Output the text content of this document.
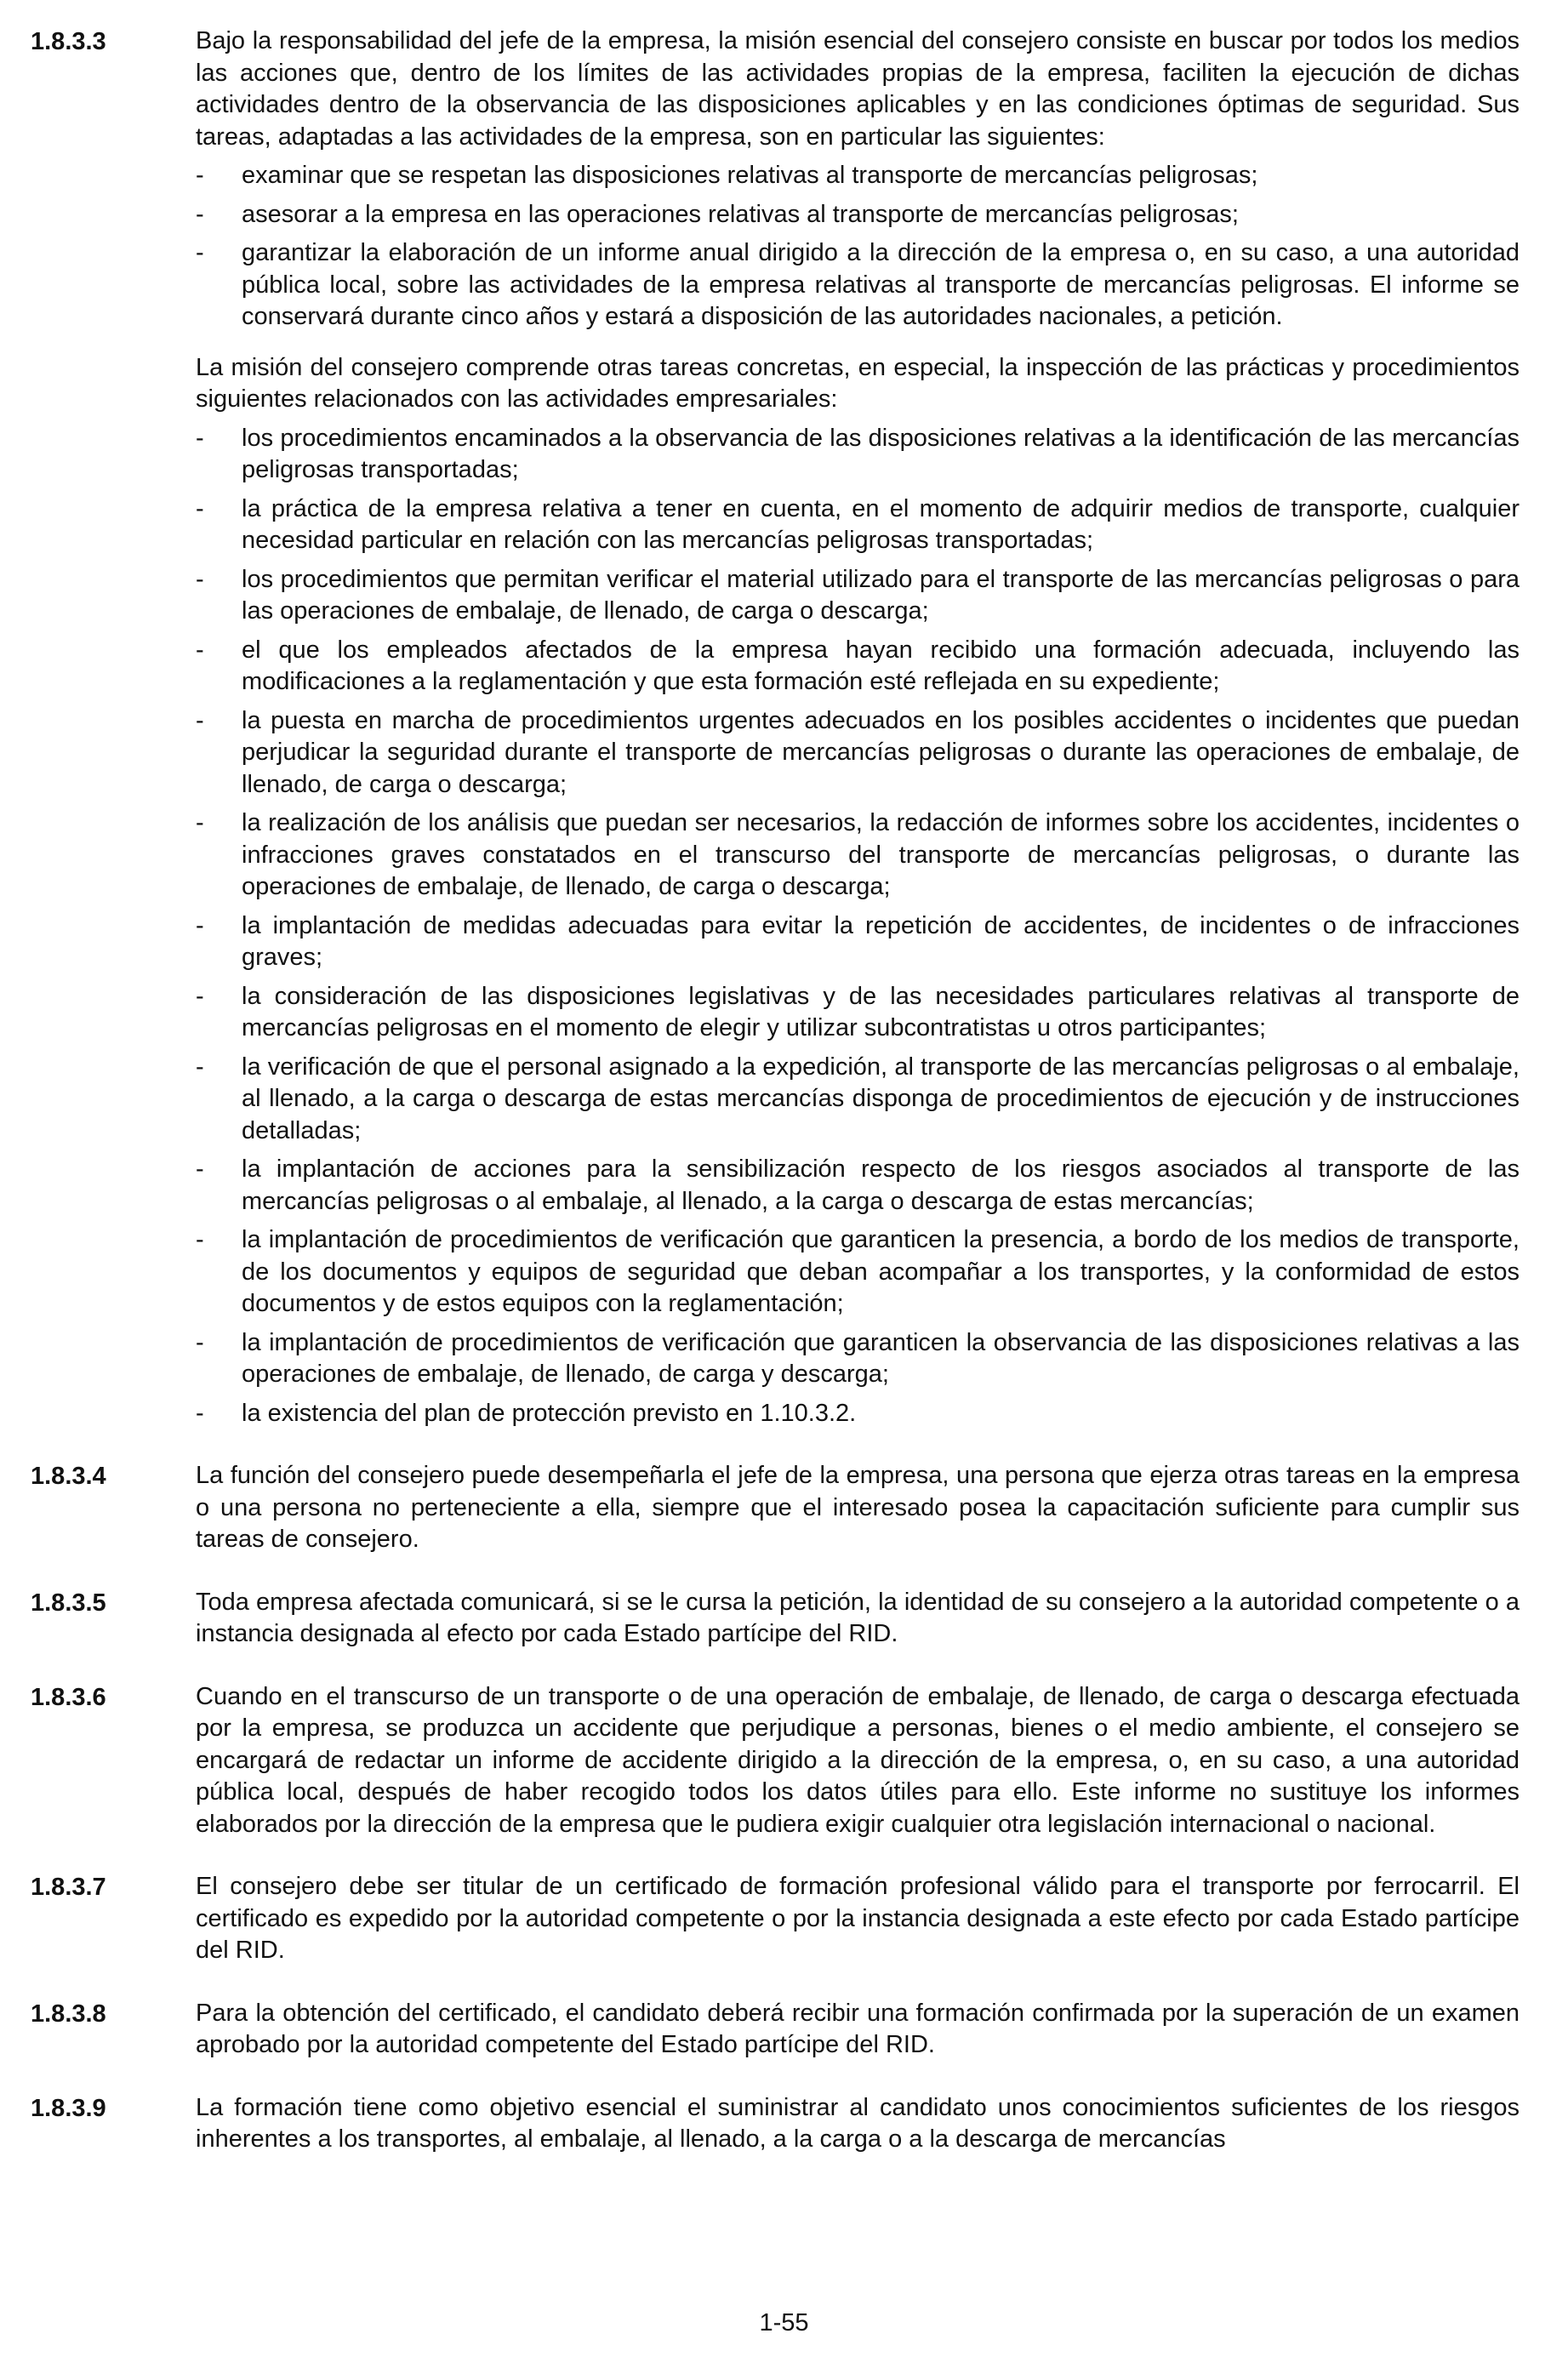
1.8.3.3	Bajo la responsabilidad del jefe de la empresa, la misión esencial del consejero consiste en buscar por todos los medios las acciones que, dentro de los límites de las actividades propias de la empresa, faciliten la ejecución de dichas actividades dentro de la observancia de las disposiciones aplicables y en las condiciones óptimas de seguridad. Sus tareas, adaptadas a las actividades de la empresa, son en particular las siguientes:

-	examinar que se respetan las disposiciones relativas al transporte de mercancías peligrosas;
-	asesorar a la empresa en las operaciones relativas al transporte de mercancías peligrosas;
-	garantizar la elaboración de un informe anual dirigido a la dirección de la empresa o, en su caso, a una autoridad pública local, sobre las actividades de la empresa relativas al transporte de mercancías peligrosas. El informe se conservará durante cinco años y estará a disposición de las autoridades nacionales, a petición.

La misión del consejero comprende otras tareas concretas, en especial, la inspección de las prácticas y procedimientos siguientes relacionados con las actividades empresariales:

-	los procedimientos encaminados a la observancia de las disposiciones relativas a la identificación de las mercancías peligrosas transportadas;
-	la práctica de la empresa relativa a tener en cuenta, en el momento de adquirir medios de transporte, cualquier necesidad particular en relación con las mercancías peligrosas transportadas;
-	los procedimientos que permitan verificar el material utilizado para el transporte de las mercancías peligrosas o para las operaciones de embalaje, de llenado, de carga o descarga;
-	el que los empleados afectados de la empresa hayan recibido una formación adecuada, incluyendo las modificaciones a la reglamentación y que esta formación esté reflejada en su expediente;
-	la puesta en marcha de procedimientos urgentes adecuados en los posibles accidentes o incidentes que puedan perjudicar la seguridad durante el transporte de mercancías peligrosas o durante las operaciones de embalaje, de llenado, de carga o descarga;
-	la realización de los análisis que puedan ser necesarios, la redacción de informes sobre los accidentes, incidentes o infracciones graves constatados en el transcurso del transporte de mercancías peligrosas, o durante las operaciones de embalaje, de llenado, de carga o descarga;
-	la implantación de medidas adecuadas para evitar la repetición de accidentes, de incidentes o de infracciones graves;
-	la consideración de las disposiciones legislativas y de las necesidades particulares relativas al transporte de mercancías peligrosas en el momento de elegir y utilizar subcontratistas u otros participantes;
-	la verificación de que el personal asignado a la expedición, al transporte de las mercancías peligrosas o al embalaje, al llenado, a la carga o descarga de estas mercancías disponga de procedimientos de ejecución y de instrucciones detalladas;
-	la implantación de acciones para la sensibilización respecto de los riesgos asociados al transporte de las mercancías peligrosas o al embalaje, al llenado, a la carga o descarga de estas mercancías;
-	la implantación de procedimientos de verificación que garanticen la presencia, a bordo de los medios de transporte, de los documentos y equipos de seguridad que deban acompañar a los transportes, y la conformidad de estos documentos y de estos equipos con la reglamentación;
-	la implantación de procedimientos de verificación que garanticen la observancia de las disposiciones relativas a las operaciones de embalaje, de llenado, de carga y descarga;
-	la existencia del plan de protección previsto en 1.10.3.2.
1.8.3.4	La función del consejero puede desempeñarla el jefe de la empresa, una persona que ejerza otras tareas en la empresa o una persona no perteneciente a ella, siempre que el interesado posea la capacitación suficiente para cumplir sus tareas de consejero.

1.8.3.5	Toda empresa afectada comunicará, si se le cursa la petición, la identidad de su consejero a la autoridad competente o a instancia designada al efecto por cada Estado partícipe del RID.

1.8.3.6	Cuando en el transcurso de un transporte o de una operación de embalaje, de llenado, de carga o descarga efectuada por la empresa, se produzca un accidente que perjudique a personas, bienes o el medio ambiente, el consejero se encargará de redactar un informe de accidente dirigido a la dirección de la empresa, o, en su caso, a una autoridad pública local, después de haber recogido todos los datos útiles para ello. Este informe no sustituye los informes elaborados por la dirección de la empresa que le pudiera exigir cualquier otra legislación internacional o nacional.

1.8.3.7	El consejero debe ser titular de un certificado de formación profesional válido para el transporte por ferrocarril. El certificado es expedido por la autoridad competente o por la instancia designada a este efecto por cada Estado partícipe del RID.

1.8.3.8	Para la obtención del certificado, el candidato deberá recibir una formación confirmada por la superación de un examen aprobado por la autoridad competente del Estado partícipe del RID.

1.8.3.9	La formación tiene como objetivo esencial el suministrar al candidato unos conocimientos suficientes de los riesgos inherentes a los transportes, al embalaje, al llenado, a la carga o a la descarga de mercancías

1-55
